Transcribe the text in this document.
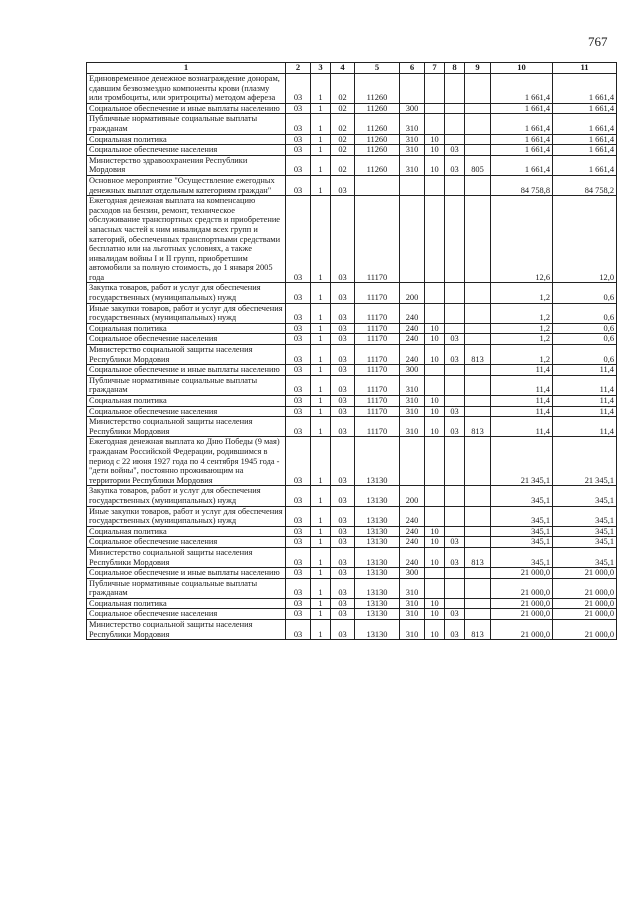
767
1	2	3	4	5	6	7	8	9	10	11
Единовременное денежное вознаграждение донорам, сдавшим безвозмездно компоненты крови (плазму или тромбоциты, или эритроциты) методом афереза	03	1	02	11260					1 661,4	1 661,4
Социальное обеспечение и иные выплаты населению	03	1	02	11260	300				1 661,4	1 661,4
Публичные нормативные социальные выплаты гражданам	03	1	02	11260	310				1 661,4	1 661,4
Социальная политика	03	1	02	11260	310	10			1 661,4	1 661,4
Социальное обеспечение населения	03	1	02	11260	310	10	03		1 661,4	1 661,4
Министерство здравоохранения Республики Мордовия	03	1	02	11260	310	10	03	805	1 661,4	1 661,4
Основное мероприятие "Осуществление ежегодных денежных выплат отдельным категориям граждан"	03	1	03						84 758,8	84 758,2
Ежегодная денежная выплата на компенсацию расходов на бензин, ремонт, техническое обслуживание транспортных средств и приобретение запасных частей к ним инвалидам всех групп и категорий, обеспеченных транспортными средствами бесплатно или на льготных условиях, а также инвалидам войны I и II групп, приобретшим автомобили за полную стоимость, до 1 января 2005 года	03	1	03	11170					12,6	12,0
Закупка товаров, работ и услуг для обеспечения государственных (муниципальных) нужд	03	1	03	11170	200				1,2	0,6
Иные закупки товаров, работ и услуг для обеспечения государственных (муниципальных) нужд	03	1	03	11170	240				1,2	0,6
Социальная политика	03	1	03	11170	240	10			1,2	0,6
Социальное обеспечение населения	03	1	03	11170	240	10	03		1,2	0,6
Министерство социальной защиты населения Республики Мордовия	03	1	03	11170	240	10	03	813	1,2	0,6
Социальное обеспечение и иные выплаты населению	03	1	03	11170	300				11,4	11,4
Публичные нормативные социальные выплаты гражданам	03	1	03	11170	310				11,4	11,4
Социальная политика	03	1	03	11170	310	10			11,4	11,4
Социальное обеспечение населения	03	1	03	11170	310	10	03		11,4	11,4
Министерство социальной защиты населения Республики Мордовия	03	1	03	11170	310	10	03	813	11,4	11,4
Ежегодная денежная выплата ко Дню Победы (9 мая) гражданам Российской Федерации, родившимся в период с 22 июня 1927 года по 4 сентября 1945 года - "дети войны", постоянно проживающим на территории Республики Мордовия	03	1	03	13130					21 345,1	21 345,1
Закупка товаров, работ и услуг для обеспечения государственных (муниципальных) нужд	03	1	03	13130	200				345,1	345,1
Иные закупки товаров, работ и услуг для обеспечения государственных (муниципальных) нужд	03	1	03	13130	240				345,1	345,1
Социальная политика	03	1	03	13130	240	10			345,1	345,1
Социальное обеспечение населения	03	1	03	13130	240	10	03		345,1	345,1
Министерство социальной защиты населения Республики Мордовия	03	1	03	13130	240	10	03	813	345,1	345,1
Социальное обеспечение и иные выплаты населению	03	1	03	13130	300				21 000,0	21 000,0
Публичные нормативные социальные выплаты гражданам	03	1	03	13130	310				21 000,0	21 000,0
Социальная политика	03	1	03	13130	310	10			21 000,0	21 000,0
Социальное обеспечение населения	03	1	03	13130	310	10	03		21 000,0	21 000,0
Министерство социальной защиты населения Республики Мордовия	03	1	03	13130	310	10	03	813	21 000,0	21 000,0
